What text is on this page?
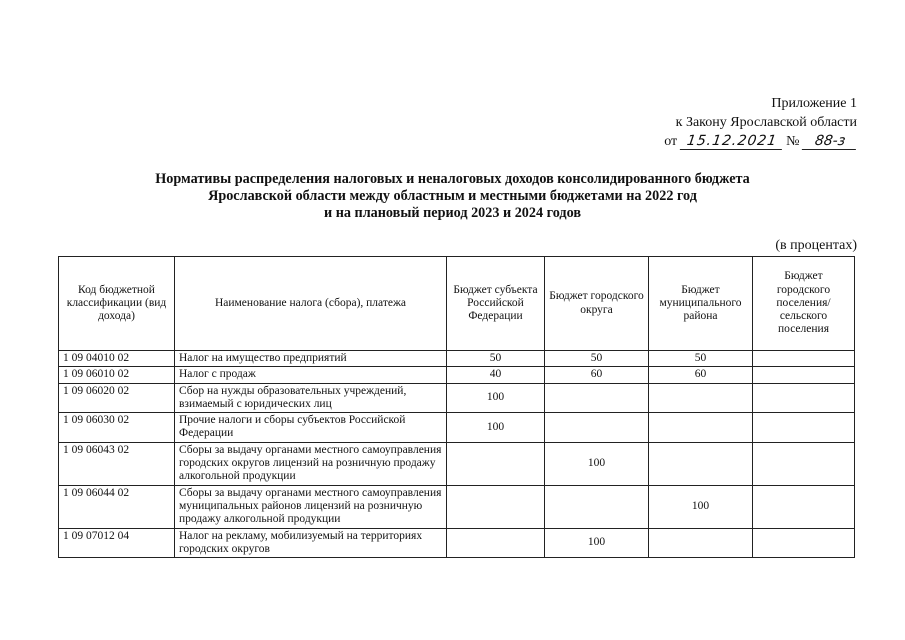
Приложение 1
к Закону Ярославской области
от 15.12.2021 № 88-з
Нормативы распределения налоговых и неналоговых доходов консолидированного бюджета
Ярославской области между областным и местными бюджетами на 2022 год
и на плановый период 2023 и 2024 годов
(в процентах)
Код бюджетной классификации (вид дохода)	Наименование налога (сбора), платежа	Бюджет субъекта Российской Федерации	Бюджет городского округа	Бюджет муниципального района	Бюджет городского поселения/ сельского поселения
1 09 04010 02	Налог на имущество предприятий	50	50	50	
1 09 06010 02	Налог с продаж	40	60	60	
1 09 06020 02	Сбор на нужды образовательных учреждений, взимаемый с юридических лиц	100			
1 09 06030 02	Прочие налоги и сборы субъектов Российской Федерации	100			
1 09 06043 02	Сборы за выдачу органами местного самоуправления городских округов лицензий на розничную продажу алкогольной продукции		100		
1 09 06044 02	Сборы за выдачу органами местного самоуправления муниципальных районов лицензий на розничную продажу алкогольной продукции			100	
1 09 07012 04	Налог на рекламу, мобилизуемый на территориях городских округов		100		
